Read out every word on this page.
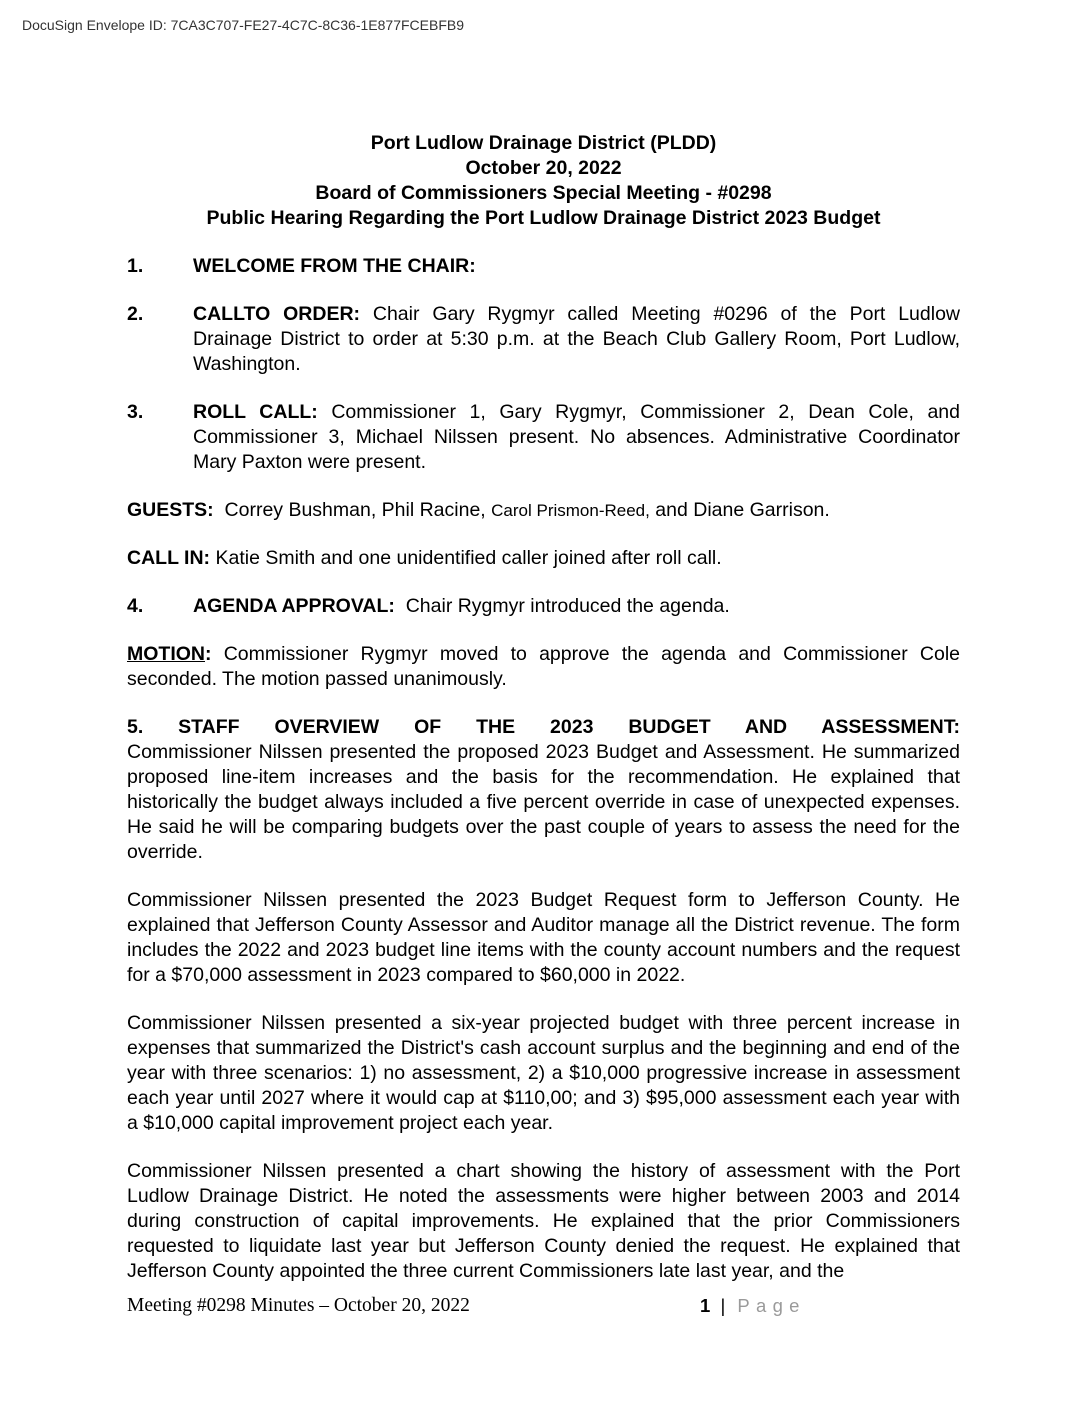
DocuSign Envelope ID: 7CA3C707-FE27-4C7C-8C36-1E877FCEBFB9
Port Ludlow Drainage District (PLDD)
October 20, 2022
Board of Commissioners Special Meeting - #0298
Public Hearing Regarding the Port Ludlow Drainage District 2023 Budget
1.	WELCOME FROM THE CHAIR:
2.	CALLTO ORDER: Chair Gary Rygmyr called Meeting #0296 of the Port Ludlow Drainage District to order at 5:30 p.m. at the Beach Club Gallery Room, Port Ludlow, Washington.
3.	ROLL CALL: Commissioner 1, Gary Rygmyr, Commissioner 2, Dean Cole, and Commissioner 3, Michael Nilssen present. No absences. Administrative Coordinator Mary Paxton were present.
GUESTS:  Correy Bushman, Phil Racine, Carol Prismon-Reed, and Diane Garrison.
CALL IN: Katie Smith and one unidentified caller joined after roll call.
4.	AGENDA APPROVAL:  Chair Rygmyr introduced the agenda.
MOTION: Commissioner Rygmyr moved to approve the agenda and Commissioner Cole seconded. The motion passed unanimously.
5. STAFF OVERVIEW OF THE 2023 BUDGET AND ASSESSMENT:
Commissioner Nilssen presented the proposed 2023 Budget and Assessment. He summarized proposed line-item increases and the basis for the recommendation. He explained that historically the budget always included a five percent override in case of unexpected expenses. He said he will be comparing budgets over the past couple of years to assess the need for the override.
Commissioner Nilssen presented the 2023 Budget Request form to Jefferson County. He explained that Jefferson County Assessor and Auditor manage all the District revenue. The form includes the 2022 and 2023 budget line items with the county account numbers and the request for a $70,000 assessment in 2023 compared to $60,000 in 2022.
Commissioner Nilssen presented a six-year projected budget with three percent increase in expenses that summarized the District's cash account surplus and the beginning and end of the year with three scenarios: 1) no assessment, 2) a $10,000 progressive increase in assessment each year until 2027 where it would cap at $110,00; and 3) $95,000 assessment each year with a $10,000 capital improvement project each year.
Commissioner Nilssen presented a chart showing the history of assessment with the Port Ludlow Drainage District. He noted the assessments were higher between 2003 and 2014 during construction of capital improvements. He explained that the prior Commissioners requested to liquidate last year but Jefferson County denied the request. He explained that Jefferson County appointed the three current Commissioners late last year, and the
Meeting #0298 Minutes – October 20, 2022	1 | Page
